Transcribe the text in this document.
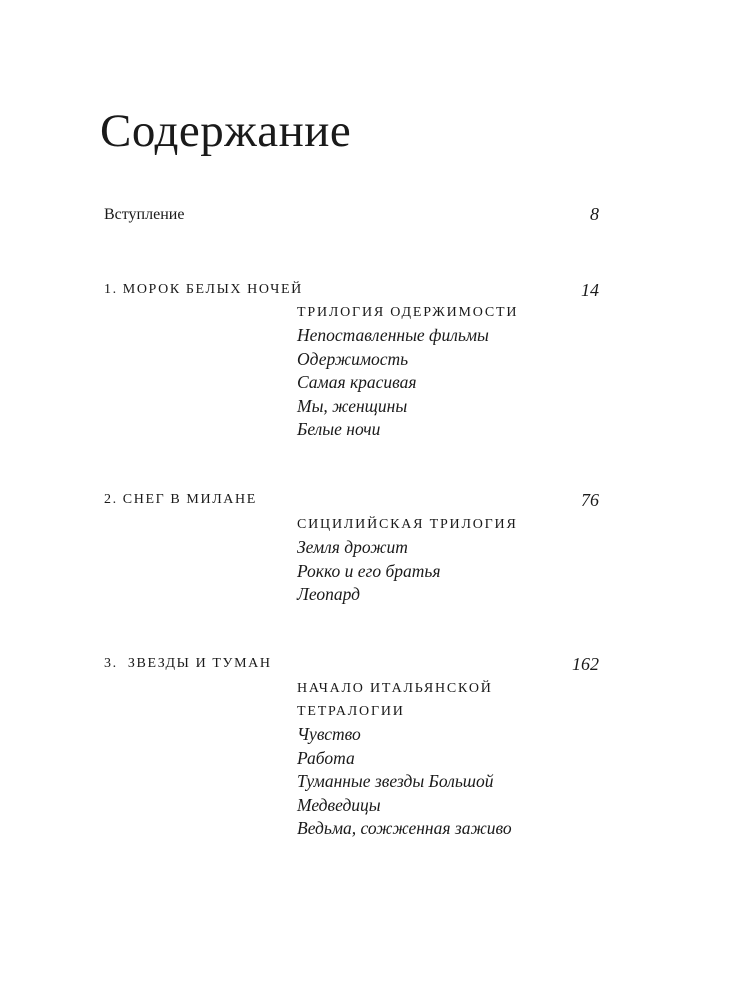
Содержание
Вступление	8
1. МОРОК БЕЛЫХ НОЧЕЙ	14
ТРИЛОГИЯ ОДЕРЖИМОСТИ
Непоставленные фильмы
Одержимость
Самая красивая
Мы, женщины
Белые ночи
2. СНЕГ В МИЛАНЕ	76
СИЦИЛИЙСКАЯ ТРИЛОГИЯ
Земля дрожит
Рокко и его братья
Леопард
3.  ЗВЕЗДЫ И ТУМАН	162
НАЧАЛО ИТАЛЬЯНСКОЙ
ТЕТРАЛОГИИ
Чувство
Работа
Туманные звезды Большой
Медведицы
Ведьма, сожженная заживо
